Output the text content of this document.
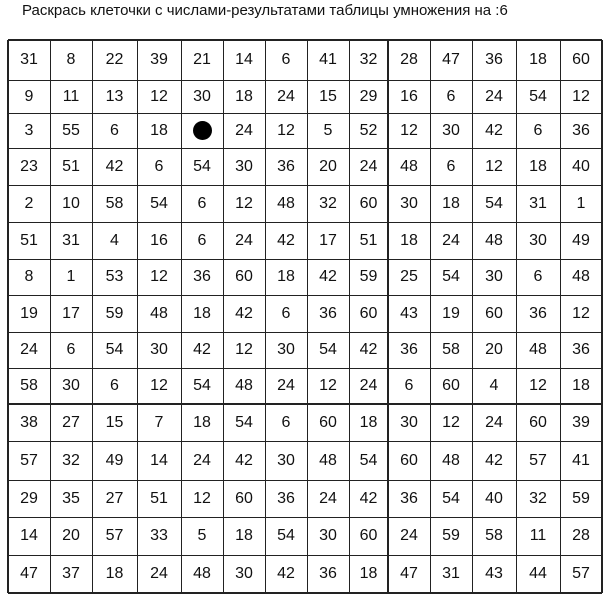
Раскрась клеточки с числами-результатами таблицы умножения на :6
31 8 22 39 21 14 6 41 32 28 47 36 18 60
9 11 13 12 30 18 24 15 29 16 6 24 54 12
3 55 6 18	24 12 5 52 12 30 42 6 36
23 51 42 6 54 30 36 20 24 48 6 12 18 40
2 10 58 54 6 12 48 32 60 30 18 54 31 1
51 31 4 16 6 24 42 17 51 18 24 48 30 49
8 1 53 12 36 60 18 42 59 25 54 30 6 48
19 17 59 48 18 42 6 36 60 43 19 60 36 12
24 6 54 30 42 12 30 54 42 36 58 20 48 36
58 30 6 12 54 48 24 12 24 6 60 4 12 18
38 27 15 7 18 54 6 60 18 30 12 24 60 39
57 32 49 14 24 42 30 48 54 60 48 42 57 41
29 35 27 51 12 60 36 24 42 36 54 40 32 59
14 20 57 33 5 18 54 30 60 24 59 58 11 28
47 37 18 24 48 30 42 36 18 47 31 43 44 57
